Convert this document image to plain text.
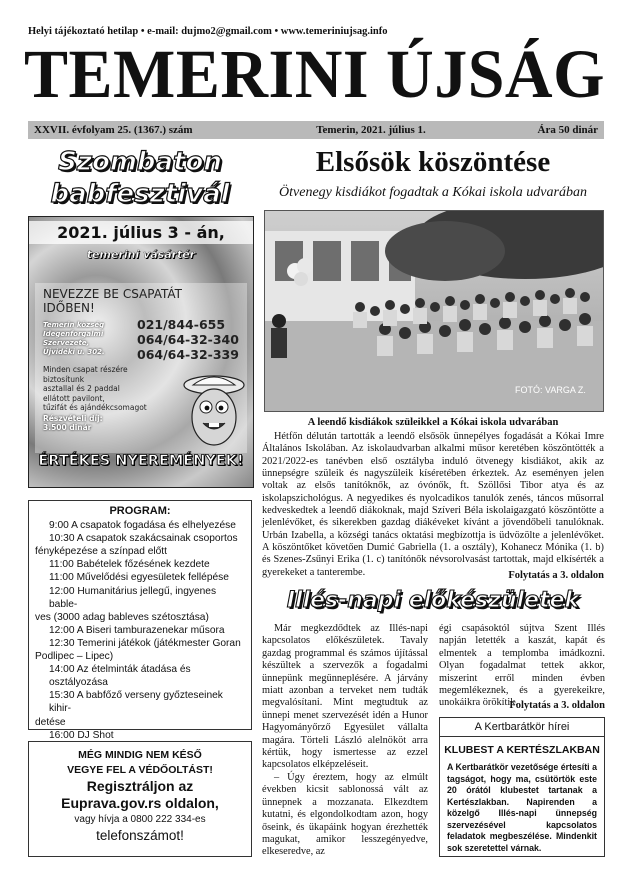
Helyi tájékoztató hetilap • e-mail: dujmo2@gmail.com • www.temeriniujsag.info
TEMERINI ÚJSÁG
XXVII. évfolyam 25. (1367.) szám	Temerin, 2021. július 1.	Ára 50 dinár
Szombaton
babfesztivál
2021. július 3 - án,
temerini vásártér
NEVEZZE BE CSAPATÁT
IDŐBEN!
021/844-655
064/64-32-340
064/64-32-339
Temerin község
Idegenforgalmi
Szervezete,
Újvidéki u. 302.
Minden csapat részére
biztosítunk
asztallal és 2 paddal
ellátott pavilont,
tűzifát és ajándékcsomagot
Részvételi díj:
3.500 dinár
ÉRTÉKES NYEREMÉNYEK!
PROGRAM:
9:00 A csapatok fogadása és elhelyezése
10:30 A csapatok szakácsainak csoportos
fényképezése a színpad előtt
11:00 Babételek főzésének kezdete
11:00 Művelődési egyesületek fellépése
12:00 Humanitárius jellegű, ingyenes bable-
ves (3000 adag bableves szétosztása)
12:00 A Biseri tamburazenekar műsora
12:30 Temerini játékok (játékmester Goran
Podlipec – Lipec)
14:00 Az ételminták átadása és osztályozása
15:30 A babfőző verseny győzteseinek kihir-
detése
16:00 DJ Shot
MÉG MINDIG NEM KÉSŐ
VEGYE FEL A VÉDŐOLTÁST!
Regisztráljon az
Euprava.gov.rs oldalon,
vagy hívja a 0800 222 334-es
telefonszámot!
Elsősök köszöntése
Ötvenegy kisdiákot fogadtak a Kókai iskola udvarában
FOTÓ: VARGA Z.
A leendő kisdiákok szüleikkel a Kókai iskola udvarában

Hétfőn délután tartották a leendő elsősök ünnepélyes fogadását a Kókai Imre Általános Iskolában. Az iskolaudvarban alkalmi műsor keretében köszöntötték a 2021/2022-es tanévben első osztályba induló ötvenegy kisdiákot, akik az ünnepségre szüleik és nagyszüleik kíséretében érkeztek. Az eseményen jelen voltak az elsős tanítóknők, az óvónők, ft. Szöllősi Tibor atya és az iskolapszichológus. A negyedikes és nyolcadikos tanulók zenés, táncos műsorral kedveskedtek a leendő diákoknak, majd Szíveri Béla iskolaigazgató köszöntötte a jelenlévőket, és sikerekben gazdag diákéveket kívánt a jövendőbeli tanulóknak. Urbán Izabella, a községi tanács oktatási megbízottja is üdvözölte a jelenlévőket. A köszöntőket követően Dumić Gabriella (1. a osztály), Kohanecz Mónika (1. b) és Szenes-Zsűnyi Erika (1. c) tanítónők névsorolvasást tartottak, majd elkísérték a gyerekeket a tanterembe.	Folytatás a 3. oldalon
Illés-napi előkészületek

Már megkezdődtek az Illés-napi kapcsolatos előkészületek. Tavaly gazdag programmal és számos újítással készültek a szervezők a fogadalmi ünnepünk megünneplésére. A járvány miatt azonban a terveket nem tudták megvalósítani. Mint megtudtuk az ünnepi menet szervezését idén a Hunor Hagyományőrző Egyesület vállalta magára. Törteli László alelnököt arra kértük, hogy ismertesse az ezzel kapcsolatos elképzeléseit.

– Úgy éreztem, hogy az elmúlt években kicsit sablonossá vált az ünnepnek a mozzanata. Elkezdtem kutatni, és elgondolkodtam azon, hogy őseink, és ükapáink hogyan érezhették magukat, amikor lesszegényedve, elkeseredve, az

égi csapásoktól sújtva Szent Illés napján letették a kaszát, kapát és elmentek a templomba imádkozni. Olyan fogadalmat tettek akkor, miszerint erről minden évben megemlékeznek, és a gyerekeikre, unokáikra örökítik.
Folytatás a 3. oldalon
A Kertbarátkör hírei
KLUBEST A KERTÉSZLAKBAN
A Kertbarátkör vezetősége értesíti a tagságot, hogy ma, csütörtök este 20 órától klubestet tartanak a Kertészlakban. Napirenden a közelgő Illés-napi ünnepség szervezésével kapcsolatos feladatok megbeszélése. Mindenkit sok szeretettel várnak.
